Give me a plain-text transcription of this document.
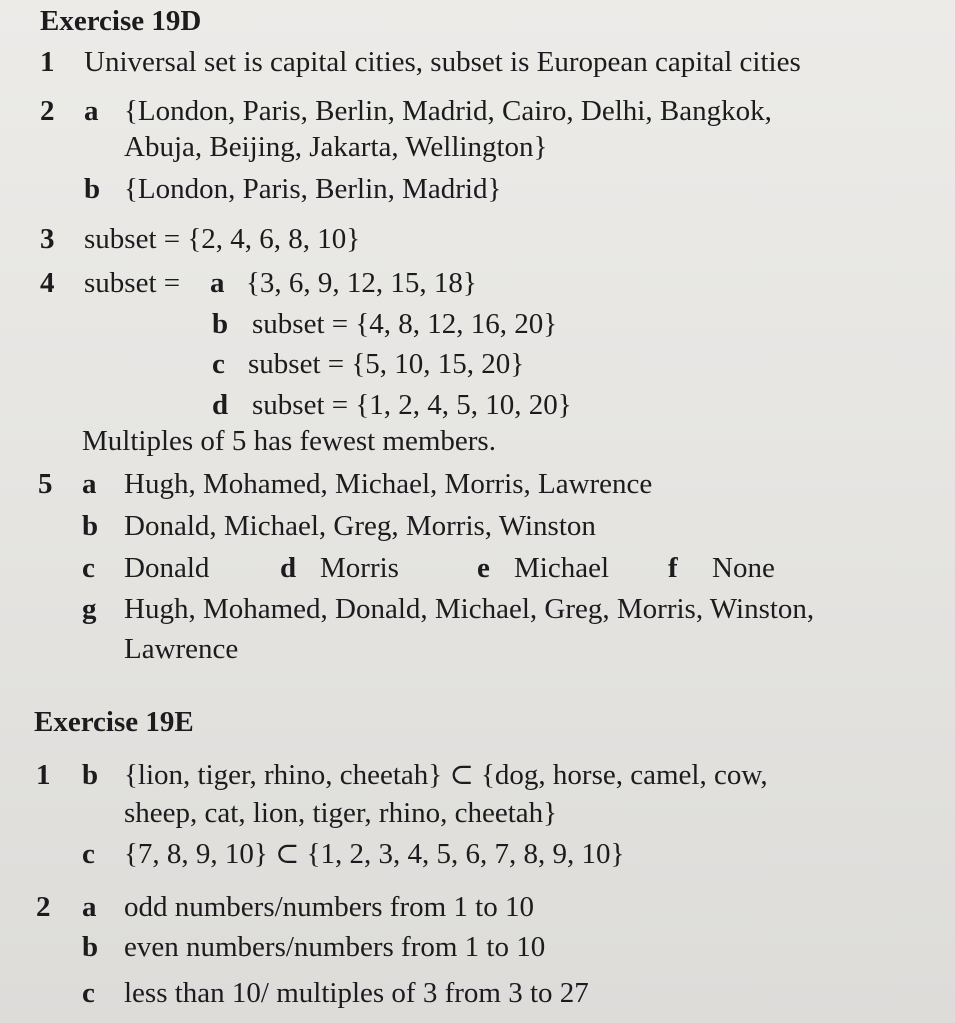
Exercise 19D
1 Universal set is capital cities, subset is European capital cities
2 a {London, Paris, Berlin, Madrid, Cairo, Delhi, Bangkok,
Abuja, Beijing, Jakarta, Wellington}
b {London, Paris, Berlin, Madrid}
3 subset = {2, 4, 6, 8, 10}
4 subset = a {3, 6, 9, 12, 15, 18}
b subset = {4, 8, 12, 16, 20}
c subset = {5, 10, 15, 20}
d subset = {1, 2, 4, 5, 10, 20}
Multiples of 5 has fewest members.
5 a Hugh, Mohamed, Michael, Morris, Lawrence
b Donald, Michael, Greg, Morris, Winston
c Donald d Morris	e Michael f None
g Hugh, Mohamed, Donald, Michael, Greg, Morris, Winston,
Lawrence
Exercise 19E
1 b {lion, tiger, rhino, cheetah} ⊂ {dog, horse, camel, cow,
sheep, cat, lion, tiger, rhino, cheetah}
c {7, 8, 9, 10} ⊂ {1, 2, 3, 4, 5, 6, 7, 8, 9, 10}
2 a odd numbers/numbers from 1 to 10
b even numbers/numbers from 1 to 10
c less than 10/ multiples of 3 from 3 to 27
